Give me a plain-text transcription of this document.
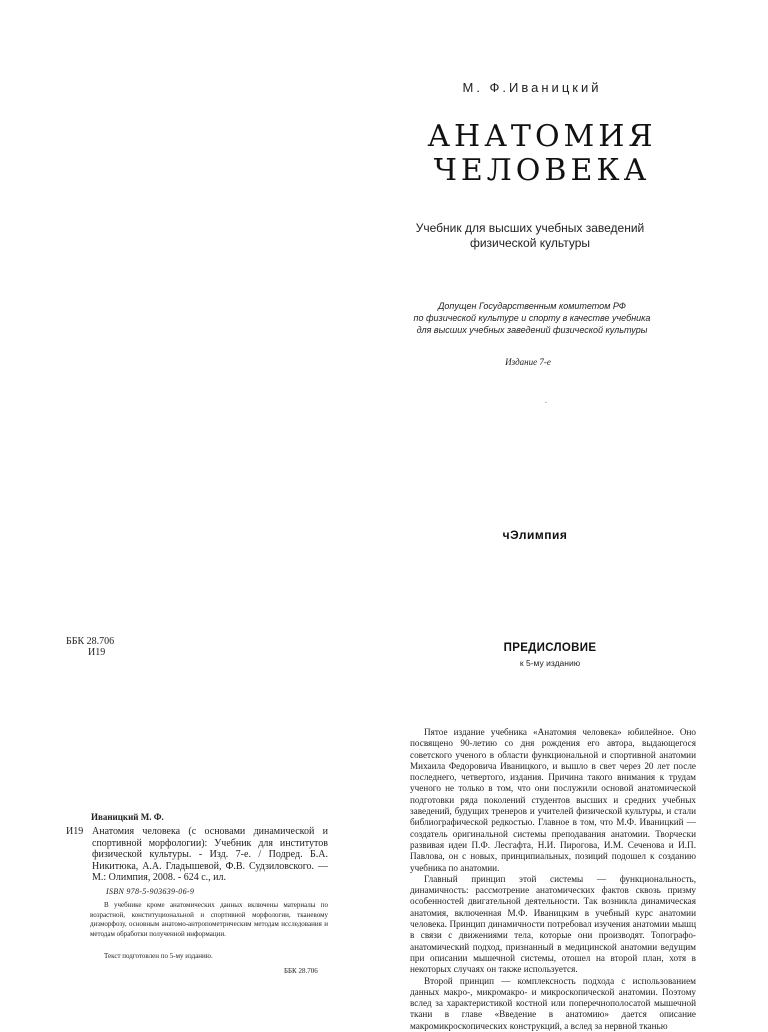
М. Ф.Иваницкий
АНАТОМИЯ
ЧЕЛОВЕКА
Учебник для высших учебных заведений
физической культуры
Допущен Государственным комитетом РФ
по физической культуре и спорту в качестве учебника
для высших учебных заведений физической культуры
Издание 7-е
.
чЭлимпия
ББК 28.706
И19
Иваницкий М. Ф.
И19 Анатомия человека (с основами динамической и спортивной морфологии): Учебник для институтов физической культуры. - Изд. 7-е. / Подред. Б.А. Никитюка, А.А. Гладышевой, Ф.В. Судзиловского. — М.: Олимпия, 2008. - 624 с., ил.
ISBN 978-5-903639-06-9
В учебнике кроме анатомических данных включены материалы по возрастной, конституциональной и спортивной морфологии, тканевому дизморфозу, основным анатомо-антропометрическим методам исследования и методам обработки полученной информации.
Текст подготовлен по 5-му изданию.
ББК 28.706
ПРЕДИСЛОВИЕ
к 5-му изданию

Пятое издание учебника «Анатомия человека» юбилейное. Оно посвящено 90-летию со дня рождения его автора, выдающегося советского ученого в области функциональной и спортивной анатомии Михаила Федоровича Иваницкого, и вышло в свет через 20 лет после последнего, четвертого, издания. Причина такого внимания к трудам ученого не только в том, что они послужили основой анатомической подготовки ряда поколений студентов высших и средних учебных заведений, будущих тренеров и учителей физической культуры, и стали библиографической редкостью. Главное в том, что М.Ф. Иваницкий — создатель оригинальной системы преподавания анатомии. Творчески развивая идеи П.Ф. Лесгафта, Н.И. Пирогова, И.М. Сеченова и И.П. Павлова, он с новых, принципиальных, позиций подошел к созданию учебника по анатомии.

Главный принцип этой системы — функциональность, динамичность: рассмотрение анатомических фактов сквозь призму особенностей двигательной деятельности. Так возникла динамическая анатомия, включенная М.Ф. Иваницким в учебный курс анатомии человека. Принцип динамичности потребовал изучения анатомии мышц в связи с движениями тела, которые они производят. Топографо-анатомический подход, признанный в медицинской анатомии ведущим при описании мышечной системы, отошел на второй план, хотя в некоторых случаях он также используется.

Второй принцип — комплексность подхода с использованием данных макро-, микромакро- и микроскопической анатомии. Поэтому вслед за характеристикой костной или поперечнополосатой мышечной ткани в главе «Введение в анатомию» дается описание макромикроскопических конструкций, а вслед за нервной тканью
